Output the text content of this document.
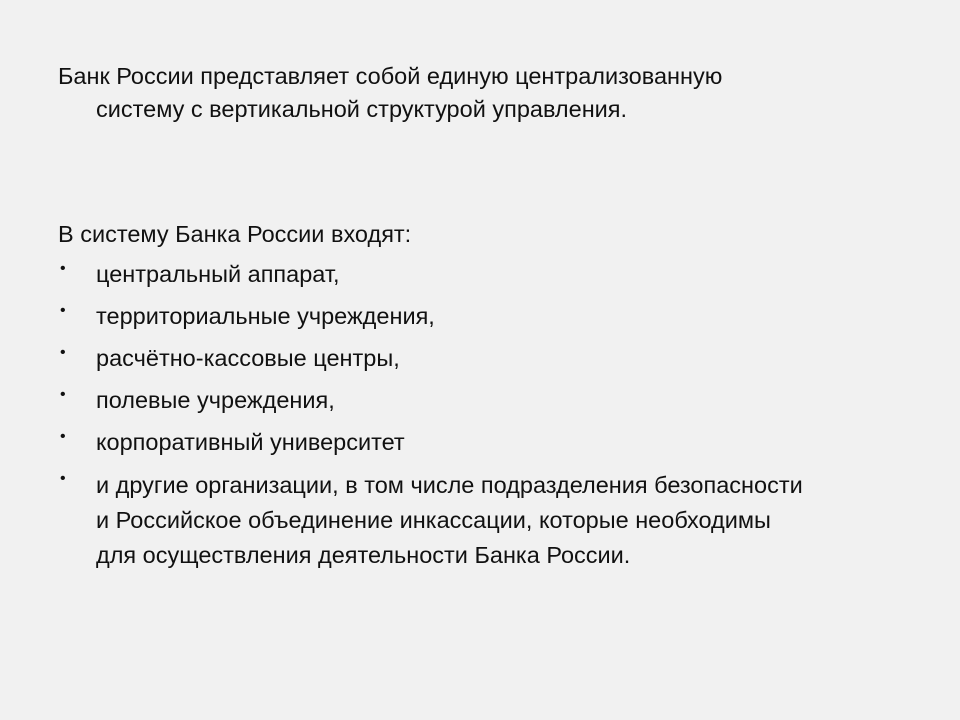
Банк России представляет собой единую централизованную
систему с вертикальной структурой управления.

В систему Банка России входят:

• центральный аппарат,
• территориальные учреждения,
• расчётно-кассовые центры,
• полевые учреждения,
• корпоративный университет
• и другие организации, в том числе подразделения безопасности
и Российское объединение инкассации, которые необходимы
для осуществления деятельности Банка России.
